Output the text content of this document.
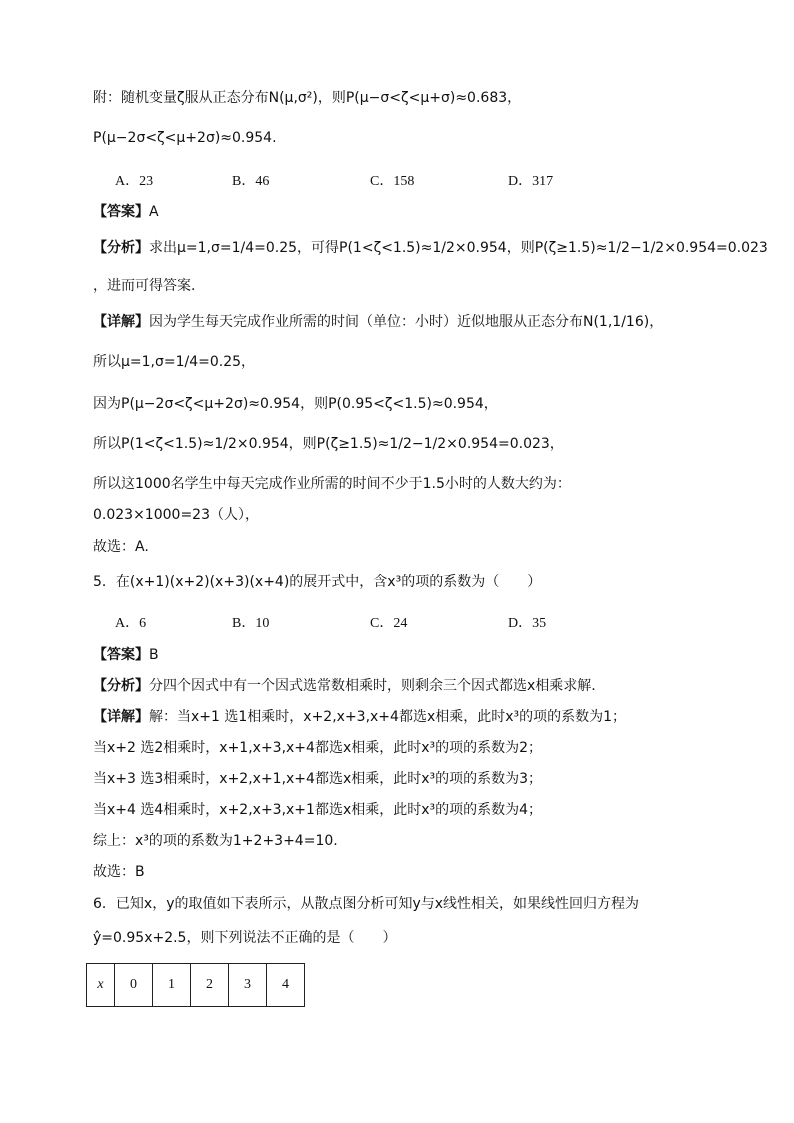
附：随机变量ζ服从正态分布N(μ,σ²)，则P(μ−σ<ζ<μ+σ)≈0.683，
P(μ−2σ<ζ<μ+2σ)≈0.954.
A．23	B．46	C．158	D．317
【答案】A
【分析】求出μ=1,σ=1/4=0.25，可得P(1<ζ<1.5)≈1/2×0.954，则P(ζ≥1.5)≈1/2−1/2×0.954=0.023
，进而可得答案.
【详解】因为学生每天完成作业所需的时间（单位：小时）近似地服从正态分布N(1,1/16)，
所以μ=1,σ=1/4=0.25，
因为P(μ−2σ<ζ<μ+2σ)≈0.954，则P(0.95<ζ<1.5)≈0.954，
所以P(1<ζ<1.5)≈1/2×0.954，则P(ζ≥1.5)≈1/2−1/2×0.954=0.023，
所以这1000名学生中每天完成作业所需的时间不少于1.5小时的人数大约为：
0.023×1000=23（人），
故选：A.
5．在(x+1)(x+2)(x+3)(x+4)的展开式中，含x³的项的系数为（　　）
A．6	B．10	C．24	D．35
【答案】B
【分析】分四个因式中有一个因式选常数相乘时，则剩余三个因式都选x相乘求解.
【详解】解：当x+1 选1相乘时，x+2,x+3,x+4都选x相乘，此时x³的项的系数为1；
当x+2 选2相乘时，x+1,x+3,x+4都选x相乘，此时x³的项的系数为2；
当x+3 选3相乘时，x+2,x+1,x+4都选x相乘，此时x³的项的系数为3；
当x+4 选4相乘时，x+2,x+3,x+1都选x相乘，此时x³的项的系数为4；
综上：x³的项的系数为1+2+3+4=10.
故选：B
6．已知x，y的取值如下表所示，从散点图分析可知y与x线性相关，如果线性回归方程为
ŷ=0.95x+2.5，则下列说法不正确的是（　　）
x	0	1	2	3	4
